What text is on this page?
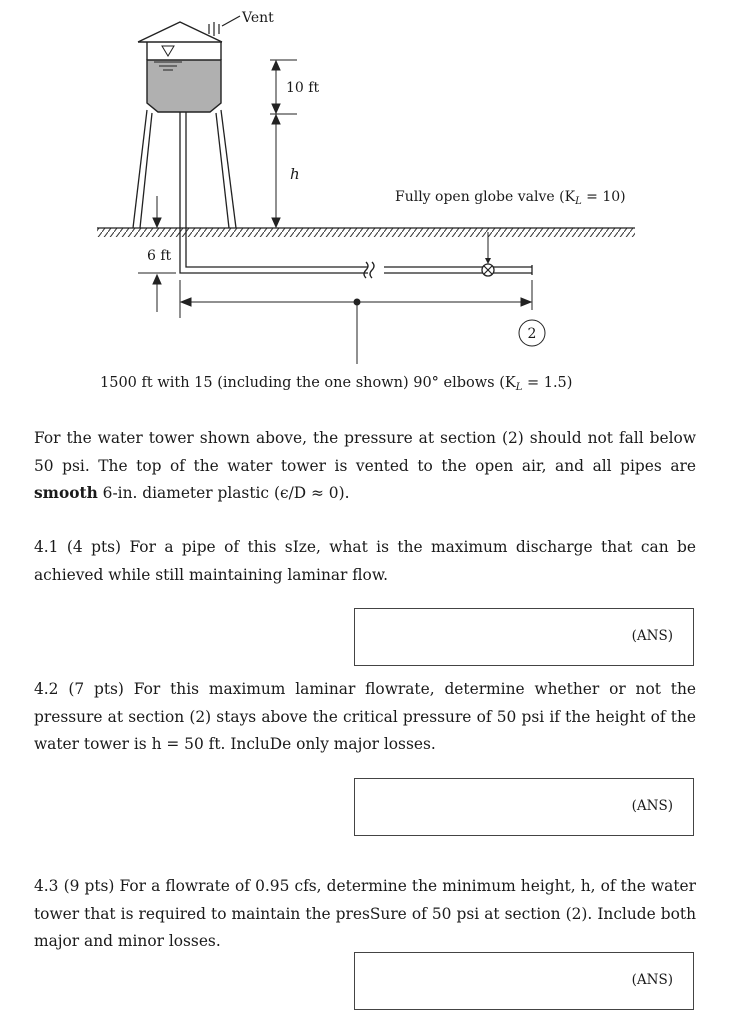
Vent
Fully open globe valve $(K_L = 10)$
10 ft
h
6 ft
2
1500 ft with 15 (including the one shown) 90° elbows $(K_L = 1.5)$

For the water tower shown above, the pressure at section (2) should not fall below 50 psi. The top of the water tower is vented to the open air, and all pipes are smooth 6-in. diameter plastic (ϵ/D ≈ 0).

4.1 (4 pts) For a pipe of this sIze, what is the maximum discharge that can be achieved while still maintaining laminar flow.

(ANS)

4.2 (7 pts) For this maximum laminar flowrate, determine whether or not the pressure at section (2) stays above the critical pressure of 50 psi if the height of the water tower is h = 50 ft. IncluDe only major losses.

(ANS)

4.3 (9 pts) For a flowrate of 0.95 cfs, determine the minimum height, h, of the water tower that is required to maintain the presSure of 50 psi at section (2). Include both major and minor losses.

(ANS)
